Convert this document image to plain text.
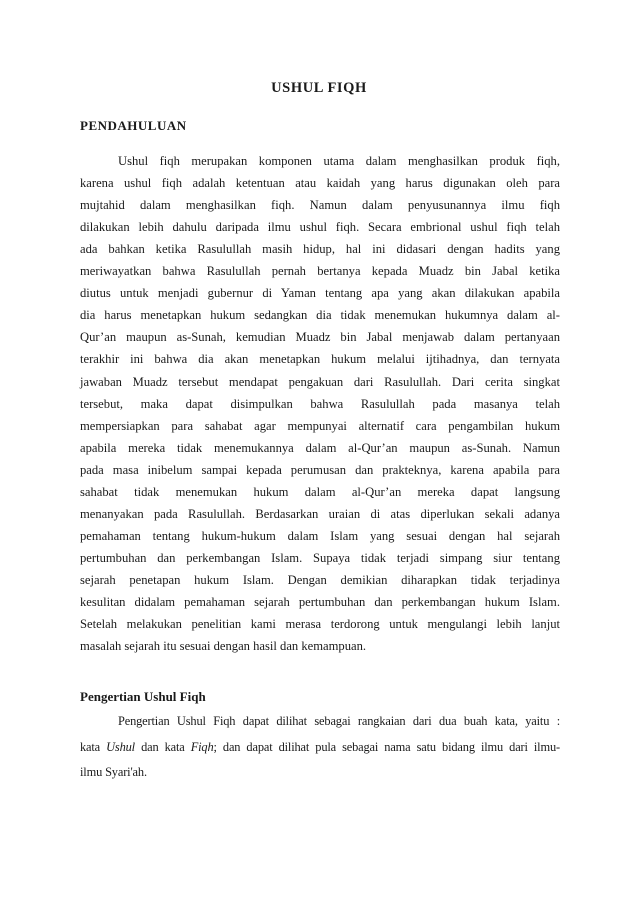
USHUL FIQH
PENDAHULUAN
Ushul fiqh merupakan komponen utama dalam menghasilkan produk fiqh,
karena ushul fiqh adalah ketentuan atau kaidah yang harus digunakan oleh para
mujtahid dalam menghasilkan fiqh. Namun dalam penyusunannya ilmu fiqh
dilakukan lebih dahulu daripada ilmu ushul fiqh. Secara embrional ushul fiqh telah
ada bahkan ketika Rasulullah masih hidup, hal ini didasari dengan hadits yang
meriwayatkan bahwa Rasulullah pernah bertanya kepada Muadz bin Jabal ketika
diutus untuk menjadi gubernur di Yaman tentang apa yang akan dilakukan apabila
dia harus menetapkan hukum sedangkan dia tidak menemukan hukumnya dalam al-
Qur’an maupun as-Sunah, kemudian Muadz bin Jabal menjawab dalam pertanyaan
terakhir ini bahwa dia akan menetapkan hukum melalui ijtihadnya, dan ternyata
jawaban Muadz tersebut mendapat pengakuan dari Rasulullah. Dari cerita singkat
tersebut, maka dapat disimpulkan bahwa Rasulullah pada masanya telah
mempersiapkan para sahabat agar mempunyai alternatif cara pengambilan hukum
apabila mereka tidak menemukannya dalam al-Qur’an maupun as-Sunah. Namun
pada masa inibelum sampai kepada perumusan dan prakteknya, karena apabila para
sahabat tidak menemukan hukum dalam al-Qur’an mereka dapat langsung
menanyakan pada Rasulullah. Berdasarkan uraian di atas diperlukan sekali adanya
pemahaman tentang hukum-hukum dalam Islam yang sesuai dengan hal sejarah
pertumbuhan dan perkembangan Islam. Supaya tidak terjadi simpang siur tentang
sejarah penetapan hukum Islam. Dengan demikian diharapkan tidak terjadinya
kesulitan didalam pemahaman sejarah pertumbuhan dan perkembangan hukum Islam.
Setelah melakukan penelitian kami merasa terdorong untuk mengulangi lebih lanjut
masalah sejarah itu sesuai dengan hasil dan kemampuan.
Pengertian Ushul Fiqh
Pengertian Ushul Fiqh dapat dilihat sebagai rangkaian dari dua buah kata, yaitu :
kata Ushul dan kata Fiqh; dan dapat dilihat pula sebagai nama satu bidang ilmu dari ilmu-
ilmu Syari'ah.
